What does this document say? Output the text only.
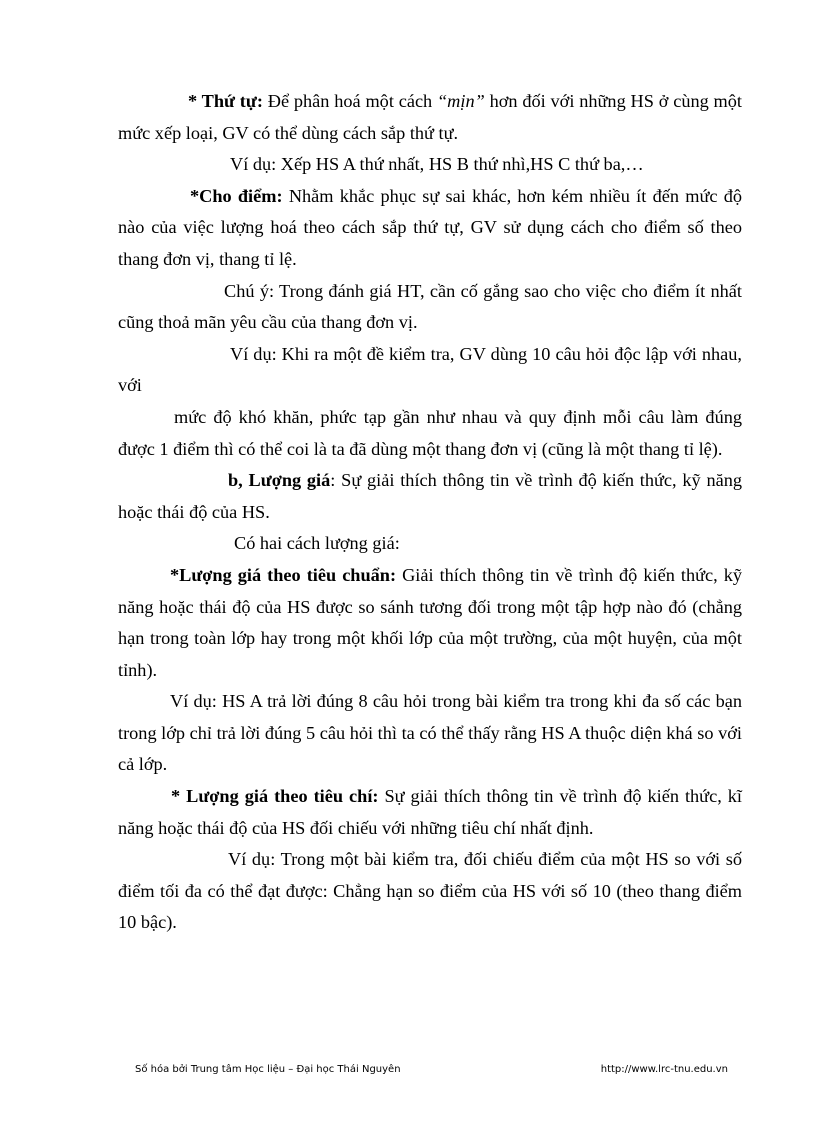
* Thứ tự: Để phân hoá một cách “mịn” hơn đối với những HS ở cùng một mức xếp loại, GV có thể dùng cách sắp thứ tự.

Ví dụ: Xếp HS A thứ nhất, HS B thứ nhì,HS C thứ ba,…

*Cho điểm: Nhằm khắc phục sự sai khác, hơn kém nhiều ít đến mức độ nào của việc lượng hoá theo cách sắp thứ tự, GV sử dụng cách cho điểm số theo thang đơn vị, thang tỉ lệ.

Chú ý: Trong đánh giá HT, cần cố gắng sao cho việc cho điểm ít nhất cũng thoả mãn yêu cầu của thang đơn vị.

Ví dụ: Khi ra một đề kiểm tra, GV dùng 10 câu hỏi độc lập với nhau, với

mức độ khó khăn, phức tạp gần như nhau và quy định mỗi câu làm đúng được 1 điểm thì có thể coi là ta đã dùng một thang đơn vị (cũng là một thang tỉ lệ).

b, Lượng giá: Sự giải thích thông tin về trình độ kiến thức, kỹ năng hoặc thái độ của HS.

Có hai cách lượng giá:

*Lượng giá theo tiêu chuẩn: Giải thích thông tin về trình độ kiến thức, kỹ năng hoặc thái độ của HS được so sánh tương đối trong một tập hợp nào đó (chẳng hạn trong toàn lớp hay trong một khối lớp của một trường, của một huyện, của một tỉnh).

Ví dụ: HS A trả lời đúng 8 câu hỏi trong bài kiểm tra trong khi đa số các bạn trong lớp chỉ trả lời đúng 5 câu hỏi thì ta có thể thấy rằng HS A thuộc diện khá so với cả lớp.

* Lượng giá theo tiêu chí: Sự giải thích thông tin về trình độ kiến thức, kĩ năng hoặc thái độ của HS đối chiếu với những tiêu chí nhất định.

Ví dụ: Trong một bài kiểm tra, đối chiếu điểm của một HS so với số điểm tối đa có thể đạt được: Chẳng hạn so điểm của HS với số 10 (theo thang điểm 10 bậc).

Số hóa bởi Trung tâm Học liệu – Đại học Thái Nguyên	http://www.lrc-tnu.edu.vn
